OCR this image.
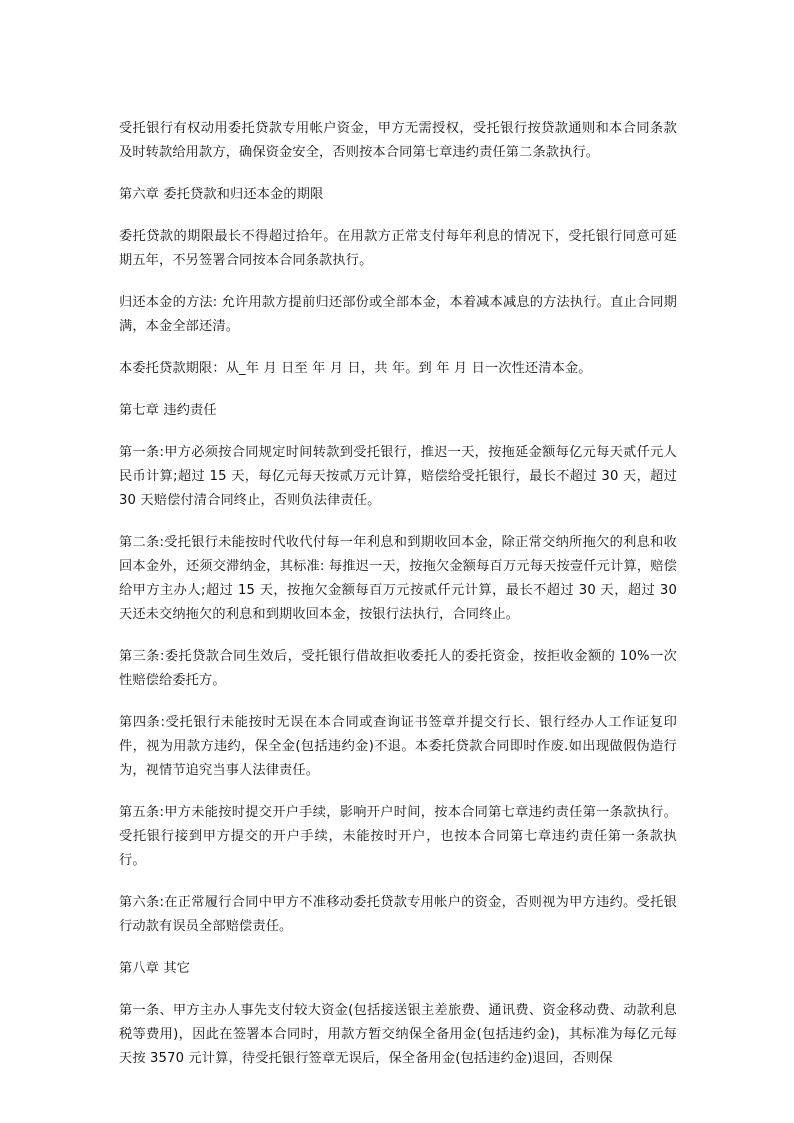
受托银行有权动用委托贷款专用帐户资金，甲方无需授权，受托银行按贷款通则和本合同条款及时转款给用款方，确保资金安全，否则按本合同第七章违约责任第二条款执行。

第六章 委托贷款和归还本金的期限

委托贷款的期限最长不得超过拾年。在用款方正常支付每年利息的情况下，受托银行同意可延期五年，不另签署合同按本合同条款执行。

归还本金的方法: 允许用款方提前归还部份或全部本金，本着减本减息的方法执行。直止合同期满，本金全部还清。

本委托贷款期限：从_年 月 日至 年 月 日，共 年。到 年 月 日一次性还清本金。

第七章 违约责任

第一条:甲方必须按合同规定时间转款到受托银行，推迟一天，按拖延金额每亿元每天贰仟元人民币计算;超过 15 天，每亿元每天按贰万元计算，赔偿给受托银行，最长不超过 30 天，超过 30 天赔偿付清合同终止，否则负法律责任。

第二条:受托银行未能按时代收代付每一年利息和到期收回本金，除正常交纳所拖欠的利息和收回本金外，还须交滞纳金，其标准: 每推迟一天，按拖欠金额每百万元每天按壹仟元计算，赔偿给甲方主办人;超过 15 天，按拖欠金额每百万元按贰仟元计算，最长不超过 30 天，超过 30 天还未交纳拖欠的利息和到期收回本金，按银行法执行，合同终止。

第三条:委托贷款合同生效后，受托银行借故拒收委托人的委托资金，按拒收金额的 10%一次性赔偿给委托方。

第四条:受托银行未能按时无误在本合同或查询证书签章并提交行长、银行经办人工作证复印件，视为用款方违约，保全金(包括违约金)不退。本委托贷款合同即时作废.如出现做假伪造行为，视情节追究当事人法律责任。

第五条:甲方未能按时提交开户手续，影响开户时间，按本合同第七章违约责任第一条款执行。受托银行接到甲方提交的开户手续，未能按时开户，也按本合同第七章违约责任第一条款执行。

第六条:在正常履行合同中甲方不准移动委托贷款专用帐户的资金，否则视为甲方违约。受托银行动款有误员全部赔偿责任。

第八章 其它

第一条、甲方主办人事先支付较大资金(包括接送银主差旅费、通讯费、资金移动费、动款利息税等费用)，因此在签署本合同时，用款方暂交纳保全备用金(包括违约金)，其标准为每亿元每天按 3570 元计算，待受托银行签章无误后，保全备用金(包括违约金)退回，否则保
